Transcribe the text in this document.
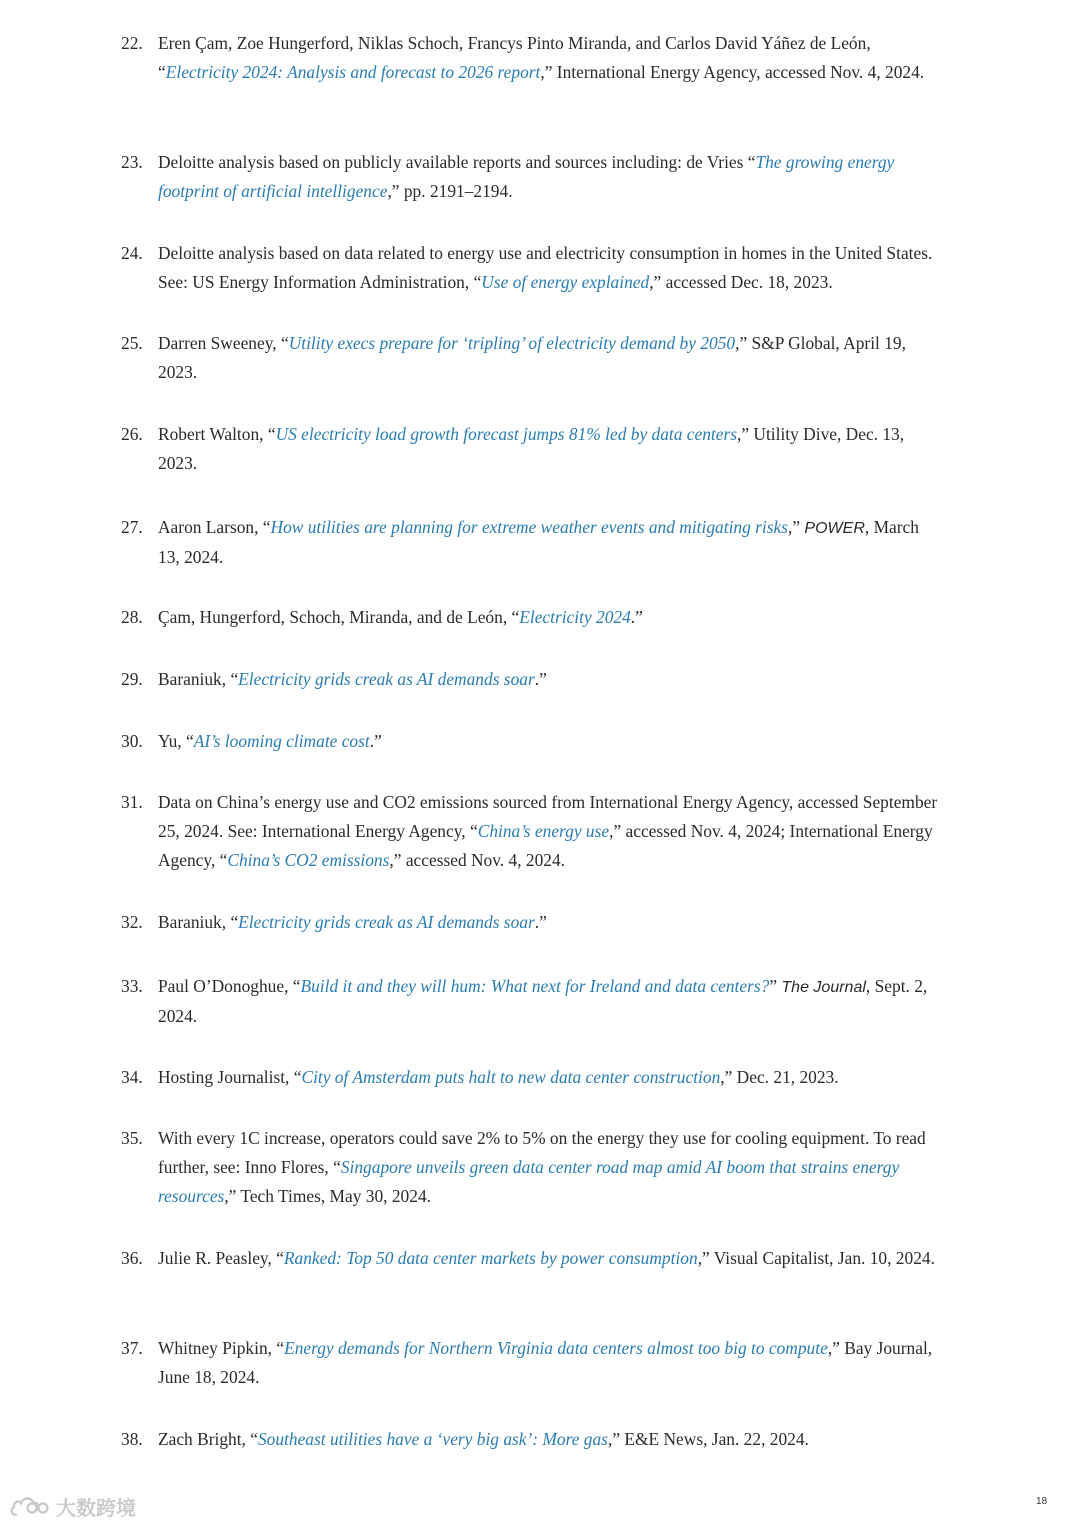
22. Eren Çam, Zoe Hungerford, Niklas Schoch, Francys Pinto Miranda, and Carlos David Yáñez de León, “Electricity 2024: Analysis and forecast to 2026 report,” International Energy Agency, accessed Nov. 4, 2024.
23. Deloitte analysis based on publicly available reports and sources including: de Vries “The growing energy footprint of artificial intelligence,” pp. 2191–2194.
24. Deloitte analysis based on data related to energy use and electricity consumption in homes in the United States. See: US Energy Information Administration, “Use of energy explained,” accessed Dec. 18, 2023.
25. Darren Sweeney, “Utility execs prepare for ‘tripling’ of electricity demand by 2050,” S&P Global, April 19, 2023.
26. Robert Walton, “US electricity load growth forecast jumps 81% led by data centers,” Utility Dive, Dec. 13, 2023.
27. Aaron Larson, “How utilities are planning for extreme weather events and mitigating risks,” POWER, March 13, 2024.
28. Çam, Hungerford, Schoch, Miranda, and de León, “Electricity 2024.”
29. Baraniuk, “Electricity grids creak as AI demands soar.”
30. Yu, “AI’s looming climate cost.”
31. Data on China’s energy use and CO2 emissions sourced from International Energy Agency, accessed September 25, 2024. See: International Energy Agency, “China’s energy use,” accessed Nov. 4, 2024; International Energy Agency, “China’s CO2 emissions,” accessed Nov. 4, 2024.
32. Baraniuk, “Electricity grids creak as AI demands soar.”
33. Paul O’Donoghue, “Build it and they will hum: What next for Ireland and data centers?” The Journal, Sept. 2, 2024.
34. Hosting Journalist, “City of Amsterdam puts halt to new data center construction,” Dec. 21, 2023.
35. With every 1C increase, operators could save 2% to 5% on the energy they use for cooling equipment. To read further, see: Inno Flores, “Singapore unveils green data center road map amid AI boom that strains energy resources,” Tech Times, May 30, 2024.
36. Julie R. Peasley, “Ranked: Top 50 data center markets by power consumption,” Visual Capitalist, Jan. 10, 2024.
37. Whitney Pipkin, “Energy demands for Northern Virginia data centers almost too big to compute,” Bay Journal, June 18, 2024.
38. Zach Bright, “Southeast utilities have a ‘very big ask’: More gas,” E&E News, Jan. 22, 2024.
大数跨境	18
